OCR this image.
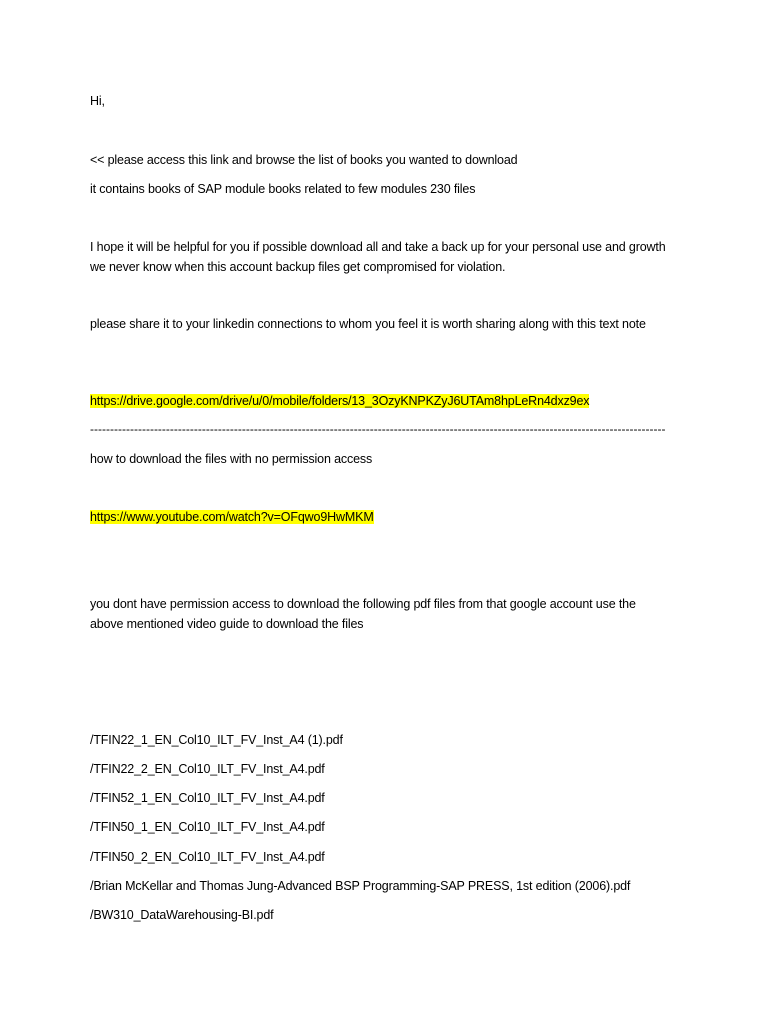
Hi,
<< please access this link and browse the list of books you wanted to download
it contains books of SAP module books related to few modules 230 files
I hope it will be helpful for you if possible download all and take a back up for your personal use and growth we never know when this account backup files get compromised for violation.
please share it to your linkedin connections to whom you feel it is worth sharing along with this text note
https://drive.google.com/drive/u/0/mobile/folders/13_3OzyKNPKZyJ6UTAm8hpLeRn4dxz9ex
------------------------------------------------------------------------------------------------------------------------------------------------
how to download the files with no permission access
https://www.youtube.com/watch?v=OFqwo9HwMKM
you dont have permission access to download the following pdf files from that google account use the above mentioned video guide to download the files
/TFIN22_1_EN_Col10_ILT_FV_Inst_A4 (1).pdf
/TFIN22_2_EN_Col10_ILT_FV_Inst_A4.pdf
/TFIN52_1_EN_Col10_ILT_FV_Inst_A4.pdf
/TFIN50_1_EN_Col10_ILT_FV_Inst_A4.pdf
/TFIN50_2_EN_Col10_ILT_FV_Inst_A4.pdf
/Brian McKellar and Thomas Jung-Advanced BSP Programming-SAP PRESS, 1st edition (2006).pdf
/BW310_DataWarehousing-BI.pdf
